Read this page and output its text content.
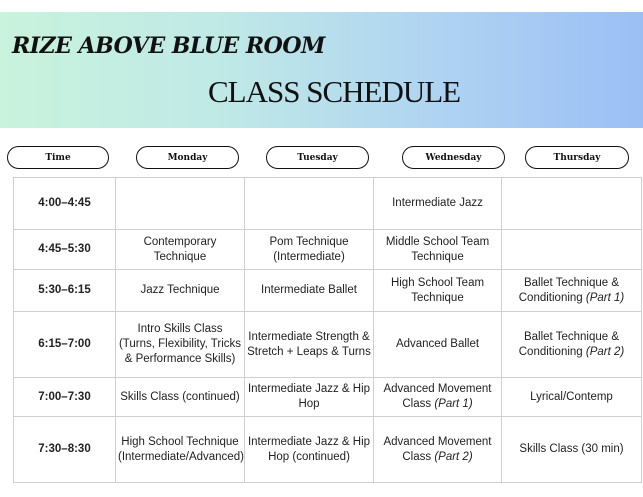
RIZE ABOVE BLUE ROOM
CLASS SCHEDULE
Time	Monday	Tuesday	Wednesday	Thursday
4:00–4:45			Intermediate Jazz	
4:45–5:30	Contemporary Technique	Pom Technique (Intermediate)	Middle School Team Technique	
5:30–6:15	Jazz Technique	Intermediate Ballet	High School Team Technique	Ballet Technique & Conditioning (Part 1)
6:15–7:00	Intro Skills Class (Turns, Flexibility, Tricks & Performance Skills)	Intermediate Strength & Stretch + Leaps & Turns	Advanced Ballet	Ballet Technique & Conditioning (Part 2)
7:00–7:30	Skills Class (continued)	Intermediate Jazz & Hip Hop	Advanced Movement Class (Part 1)	Lyrical/Contemp
7:30–8:30	High School Technique (Intermediate/Advanced)	Intermediate Jazz & Hip Hop (continued)	Advanced Movement Class (Part 2)	Skills Class (30 min)
